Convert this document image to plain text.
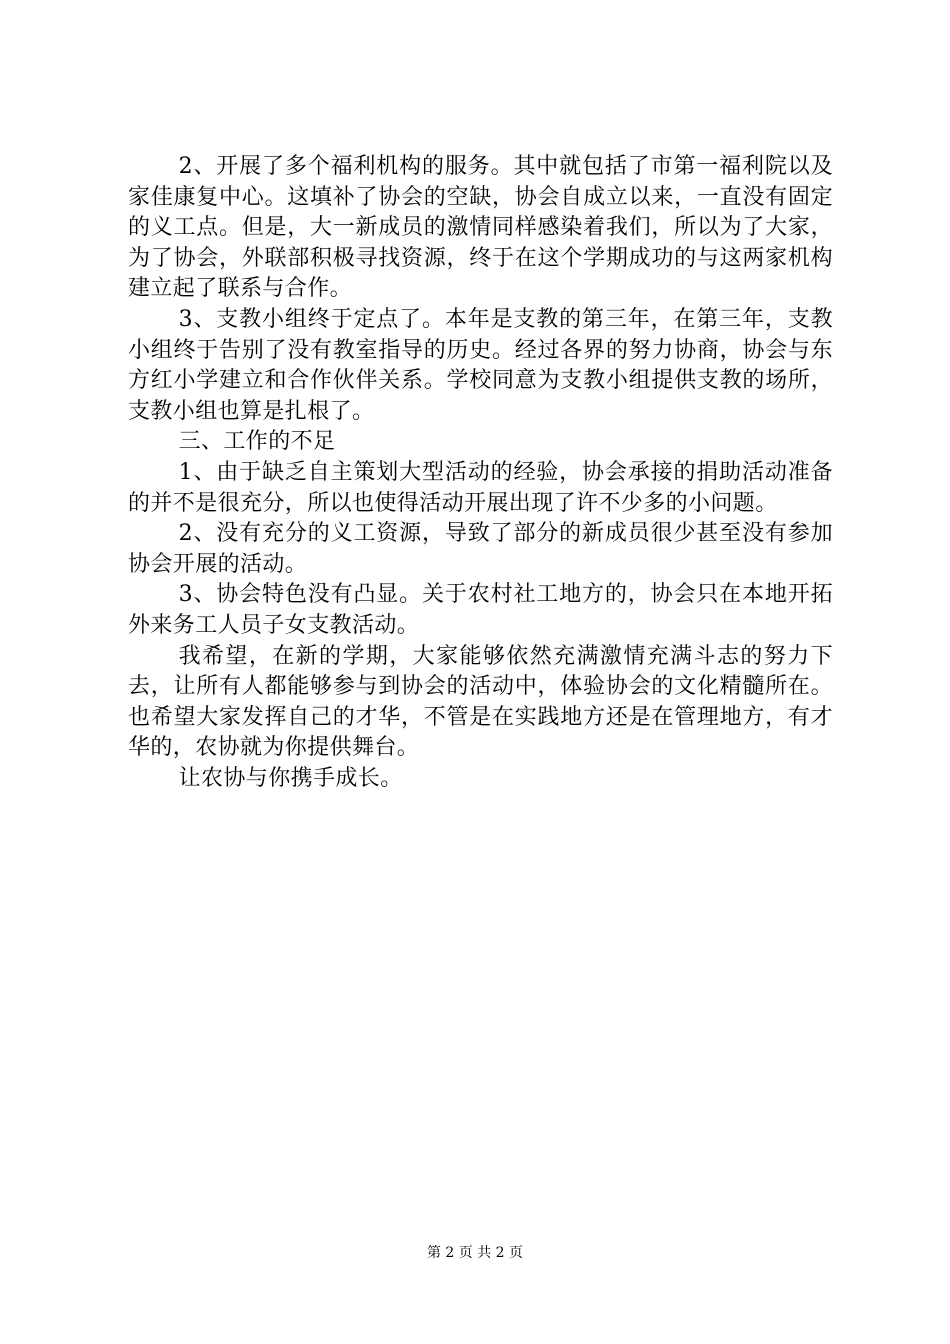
2、开展了多个福利机构的服务。其中就包括了市第一福利院以及家佳康复中心。这填补了协会的空缺，协会自成立以来，一直没有固定的义工点。但是，大一新成员的激情同样感染着我们，所以为了大家，为了协会，外联部积极寻找资源，终于在这个学期成功的与这两家机构建立起了联系与合作。

3、支教小组终于定点了。本年是支教的第三年，在第三年，支教小组终于告别了没有教室指导的历史。经过各界的努力协商，协会与东方红小学建立和合作伙伴关系。学校同意为支教小组提供支教的场所，支教小组也算是扎根了。

三、工作的不足

1、由于缺乏自主策划大型活动的经验，协会承接的捐助活动准备的并不是很充分，所以也使得活动开展出现了许不少多的小问题。

2、没有充分的义工资源，导致了部分的新成员很少甚至没有参加协会开展的活动。

3、协会特色没有凸显。关于农村社工地方的，协会只在本地开拓外来务工人员子女支教活动。

我希望，在新的学期，大家能够依然充满激情充满斗志的努力下去，让所有人都能够参与到协会的活动中，体验协会的文化精髓所在。也希望大家发挥自己的才华，不管是在实践地方还是在管理地方，有才华的，农协就为你提供舞台。

让农协与你携手成长。

第 2 页 共 2 页
